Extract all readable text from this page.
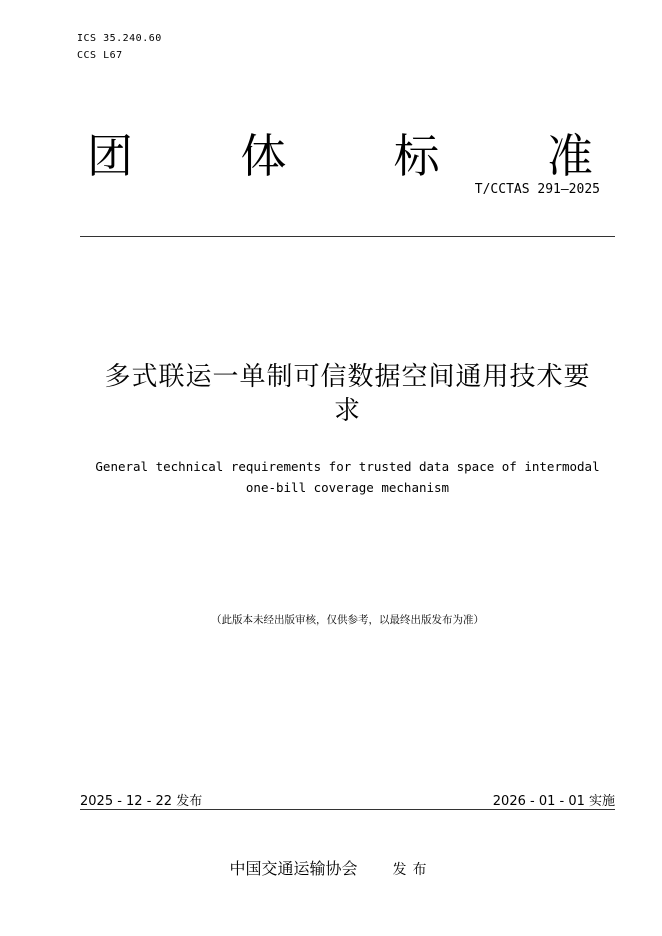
ICS 35.240.60
CCS L67
团 体 标 准
T/CCTAS 291—2025
多式联运一单制可信数据空间通用技术要
求
General technical requirements for trusted data space of intermodal
one-bill coverage mechanism
（此版本未经出版审核，仅供参考，以最终出版发布为准）
2025 - 12 - 22 发布	2026 - 01 - 01 实施
中国交通运输协会	发布
